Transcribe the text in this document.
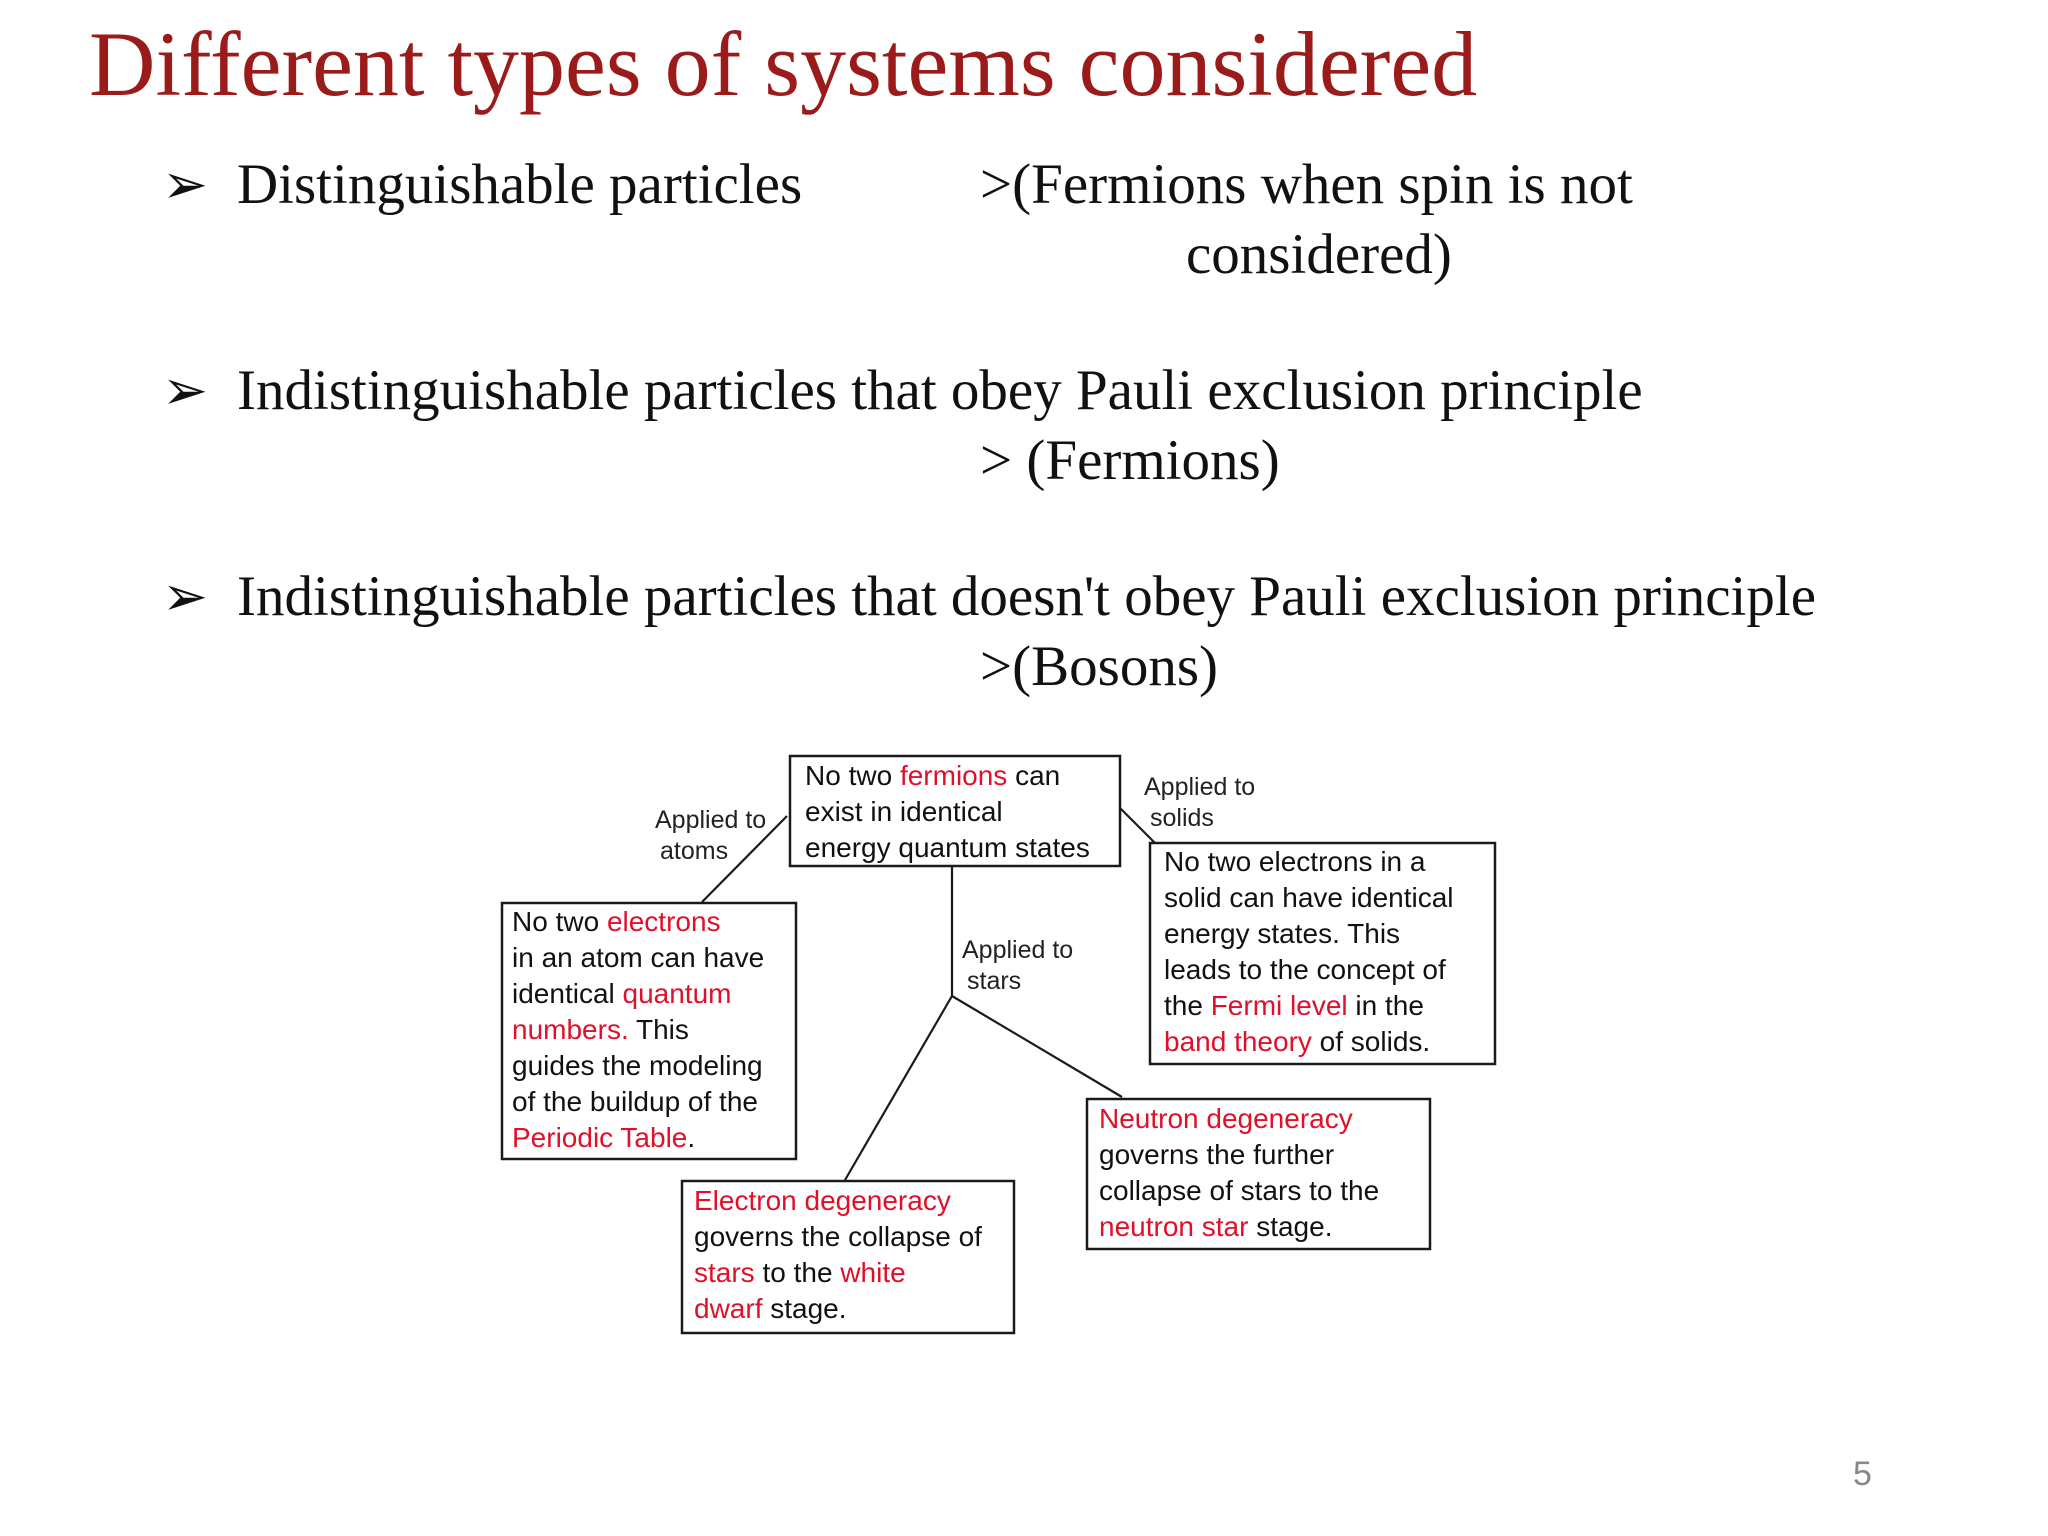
Different types of systems considered
➢ Distinguishable particles	>(Fermions when spin is not
considered)
➢ Indistinguishable particles that obey Pauli exclusion principle
> (Fermions)
➢ Indistinguishable particles that doesn't obey Pauli exclusion principle
>(Bosons)
No two fermions can
exist in identical
energy quantum states
Applied to
atoms
Applied to
solids
Applied to
stars
No two electrons
in an atom can have
identical quantum
numbers. This
guides the modeling
of the buildup of the
Periodic Table.
No two electrons in a
solid can have identical
energy states. This
leads to the concept of
the Fermi level in the
band theory of solids.
Electron degeneracy
governs the collapse of
stars to the white
dwarf stage.
Neutron degeneracy
governs the further
collapse of stars to the
neutron star stage.
5
